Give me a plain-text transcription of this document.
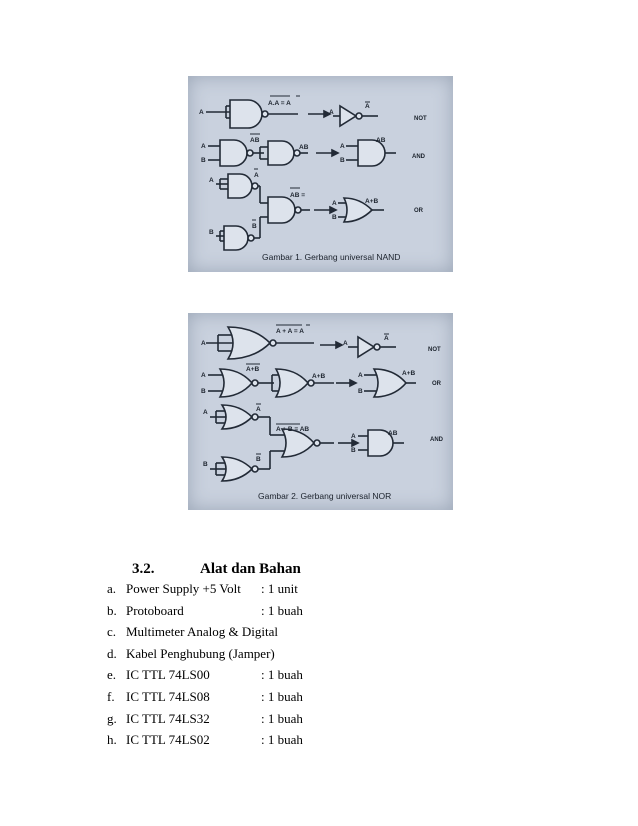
A
A.A = A
A
A
NOT
A
B
AB
AB	A
B
AB
AND
A
A
AB =
B
B
A
B
A+B
OR
Gambar 1. Gerbang universal NAND
A
A + A = A
A
A
NOT
A
B
A+B
A+B	A
B
A+B
OR
A	A
A + B = AB
B
B
A
B
AB
AND
Gambar 2. Gerbang universal NOR
3.2.	Alat dan Bahan
a. Power Supply +5 Volt : 1 unit
b. Protoboard	: 1 buah
c. Multimeter Analog & Digital
d. Kabel Penghubung (Jamper)
e. IC TTL 74LS00	: 1 buah
f. IC TTL 74LS08	: 1 buah
g. IC TTL 74LS32	: 1 buah
h. IC TTL 74LS02	: 1 buah
